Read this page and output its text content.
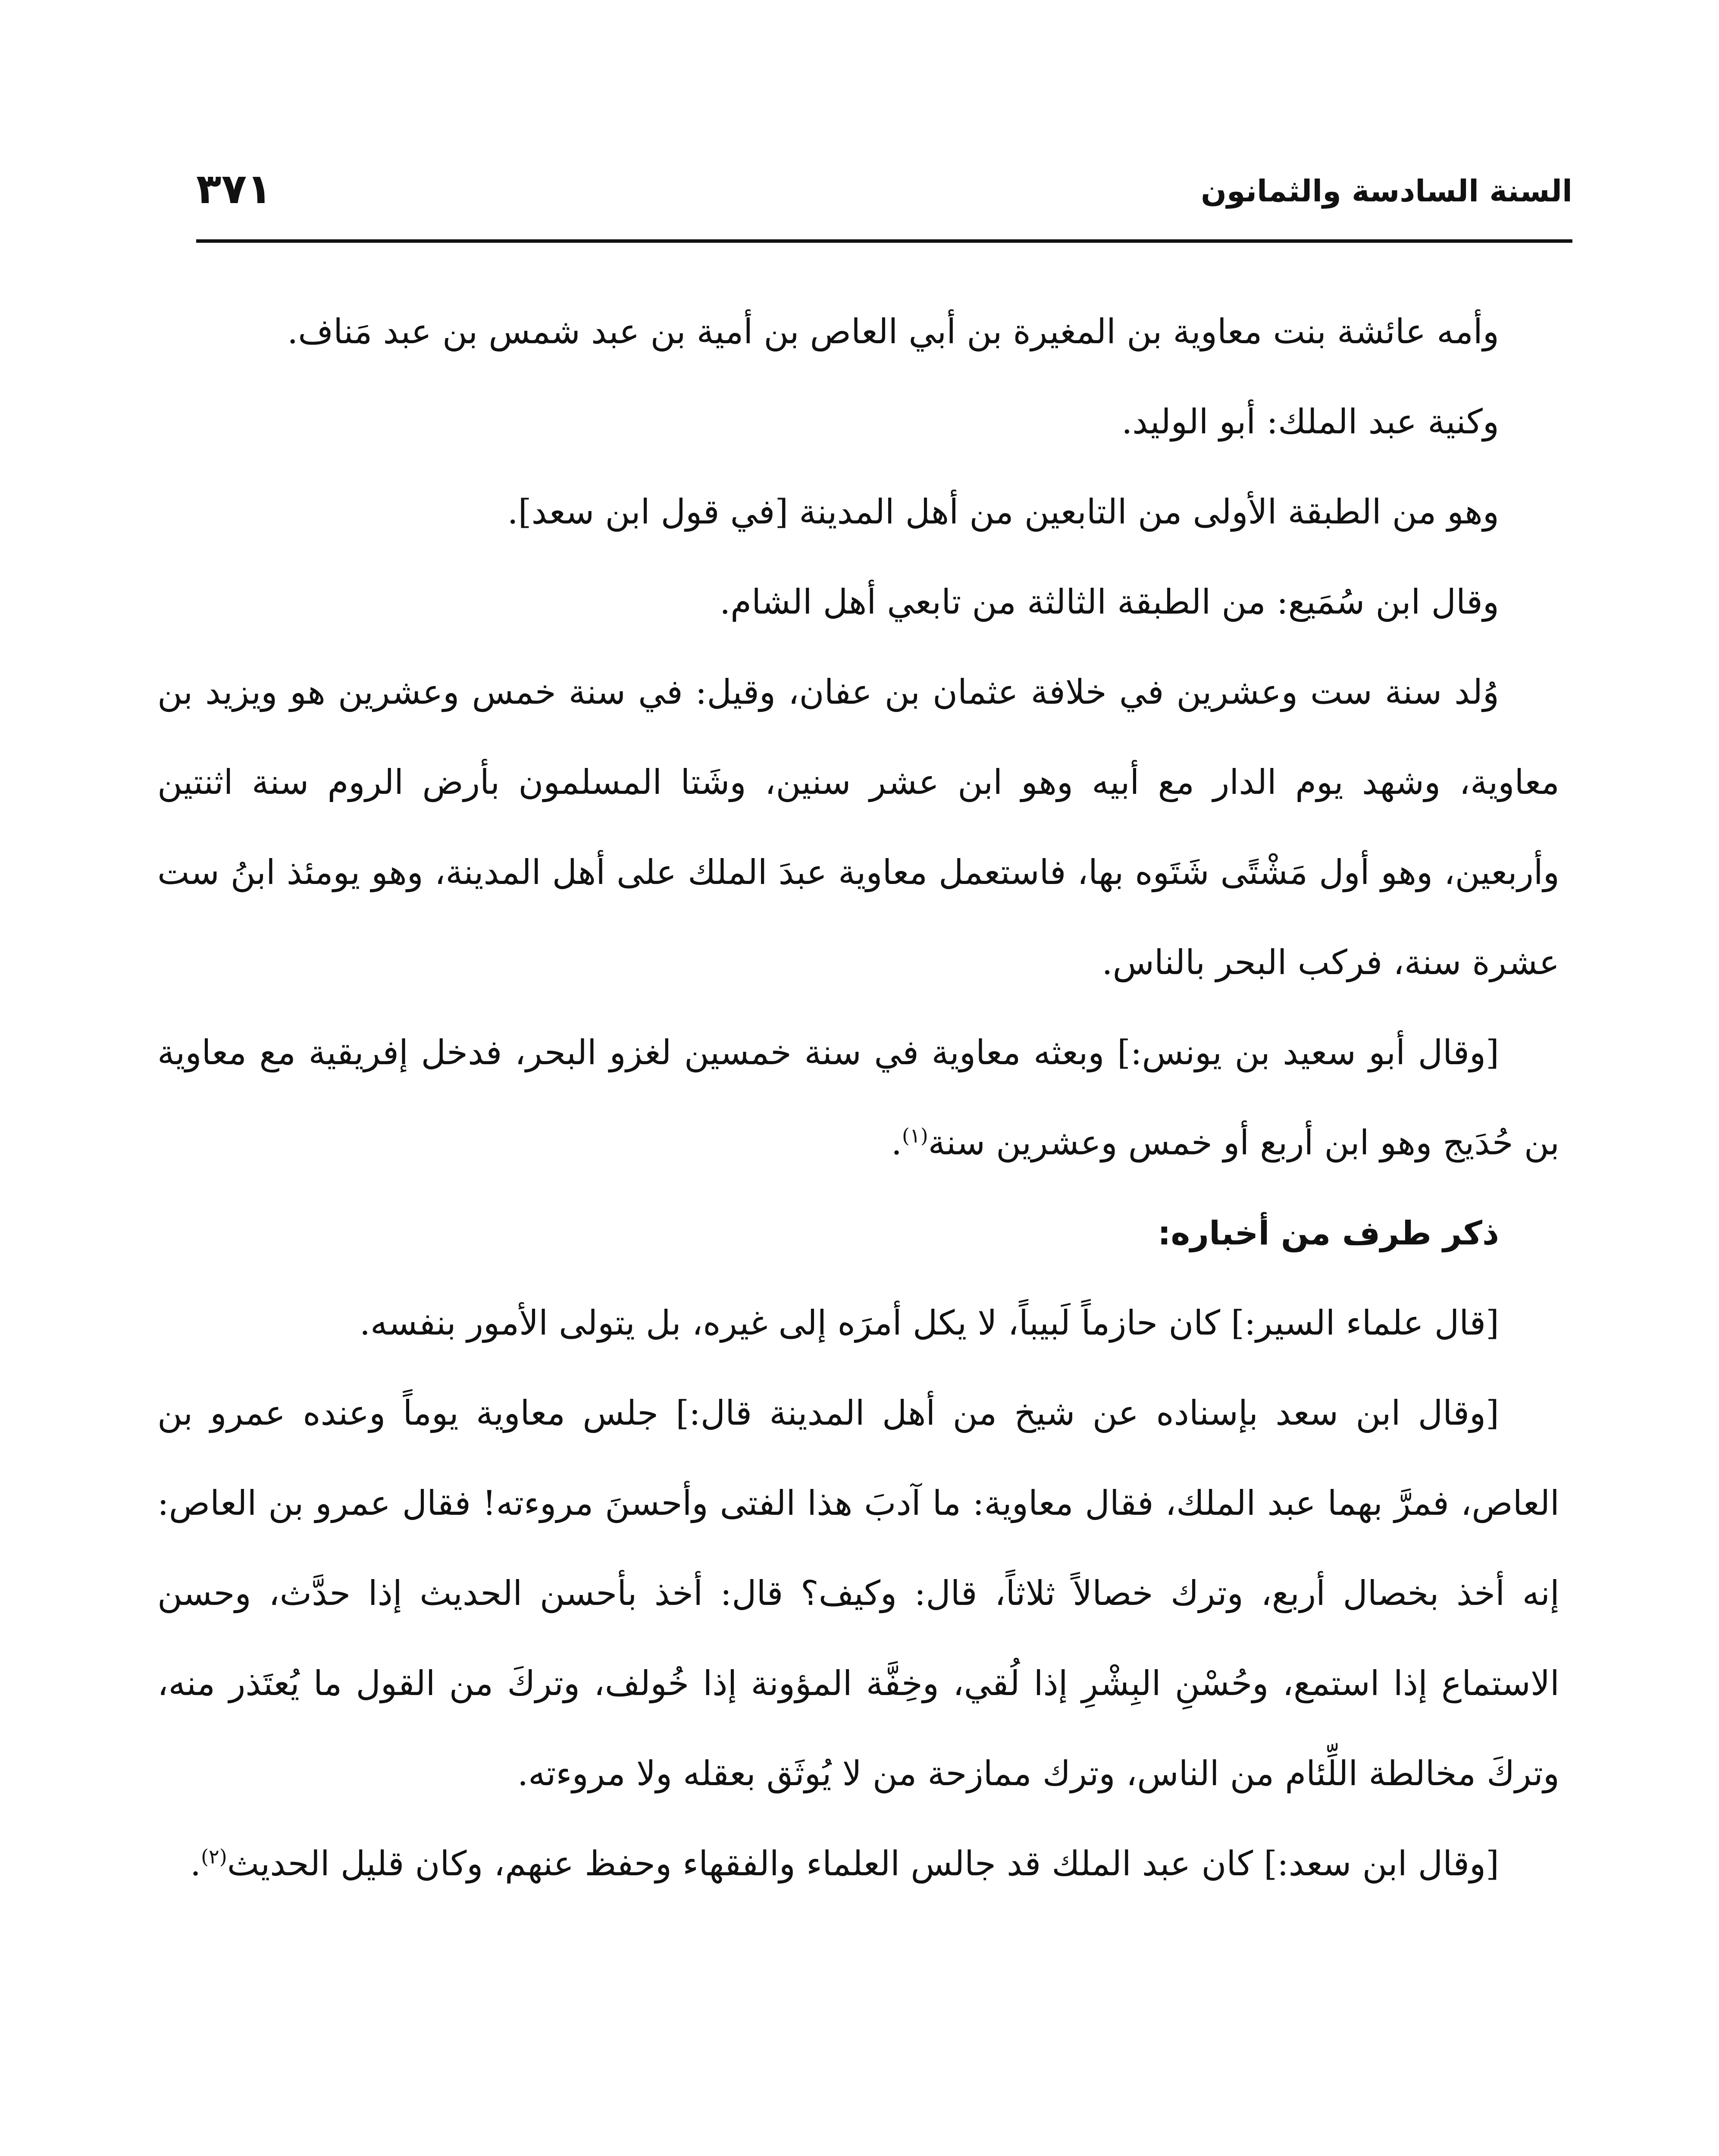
السنة السادسة والثمانون
٣٧١

وأمه عائشة بنت معاوية بن المغيرة بن أبي العاص بن أمية بن عبد شمس بن عبد مَناف.

وكنية عبد الملك: أبو الوليد.

وهو من الطبقة الأولى من التابعين من أهل المدينة [في قول ابن سعد].

وقال ابن سُمَيع: من الطبقة الثالثة من تابعي أهل الشام.

وُلد سنة ست وعشرين في خلافة عثمان بن عفان، وقيل: في سنة خمس وعشرين هو ويزيد بن معاوية، وشهد يوم الدار مع أبيه وهو ابن عشر سنين، وشَتا المسلمون بأرض الروم سنة اثنتين وأربعين، وهو أول مَشْتًى شَتَوه بها، فاستعمل معاوية عبدَ الملك على أهل المدينة، وهو يومئذ ابنُ ست عشرة سنة، فركب البحر بالناس.

[وقال أبو سعيد بن يونس:] وبعثه معاوية في سنة خمسين لغزو البحر، فدخل إفريقية مع معاوية بن حُدَيج وهو ابن أربع أو خمس وعشرين سنة$^{(١)}$.

ذكر طرف من أخباره:

[قال علماء السير:] كان حازماً لَبيباً، لا يكل أمرَه إلى غيره، بل يتولى الأمور بنفسه.

[وقال ابن سعد بإسناده عن شيخ من أهل المدينة قال:] جلس معاوية يوماً وعنده عمرو بن العاص، فمرَّ بهما عبد الملك، فقال معاوية: ما آدبَ هذا الفتى وأحسنَ مروءته! فقال عمرو بن العاص: إنه أخذ بخصال أربع، وترك خصالاً ثلاثاً، قال: وكيف؟ قال: أخذ بأحسن الحديث إذا حدَّث، وحسن الاستماع إذا استمع، وحُسْنِ البِشْرِ إذا لُقي، وخِفَّة المؤونة إذا خُولف، وتركَ من القول ما يُعتَذر منه، وتركَ مخالطة اللِّئام من الناس، وترك ممازحة من لا يُوثَق بعقله ولا مروءته.

[وقال ابن سعد:] كان عبد الملك قد جالس العلماء والفقهاء وحفظ عنهم، وكان قليل الحديث$^{(٢)}$.
